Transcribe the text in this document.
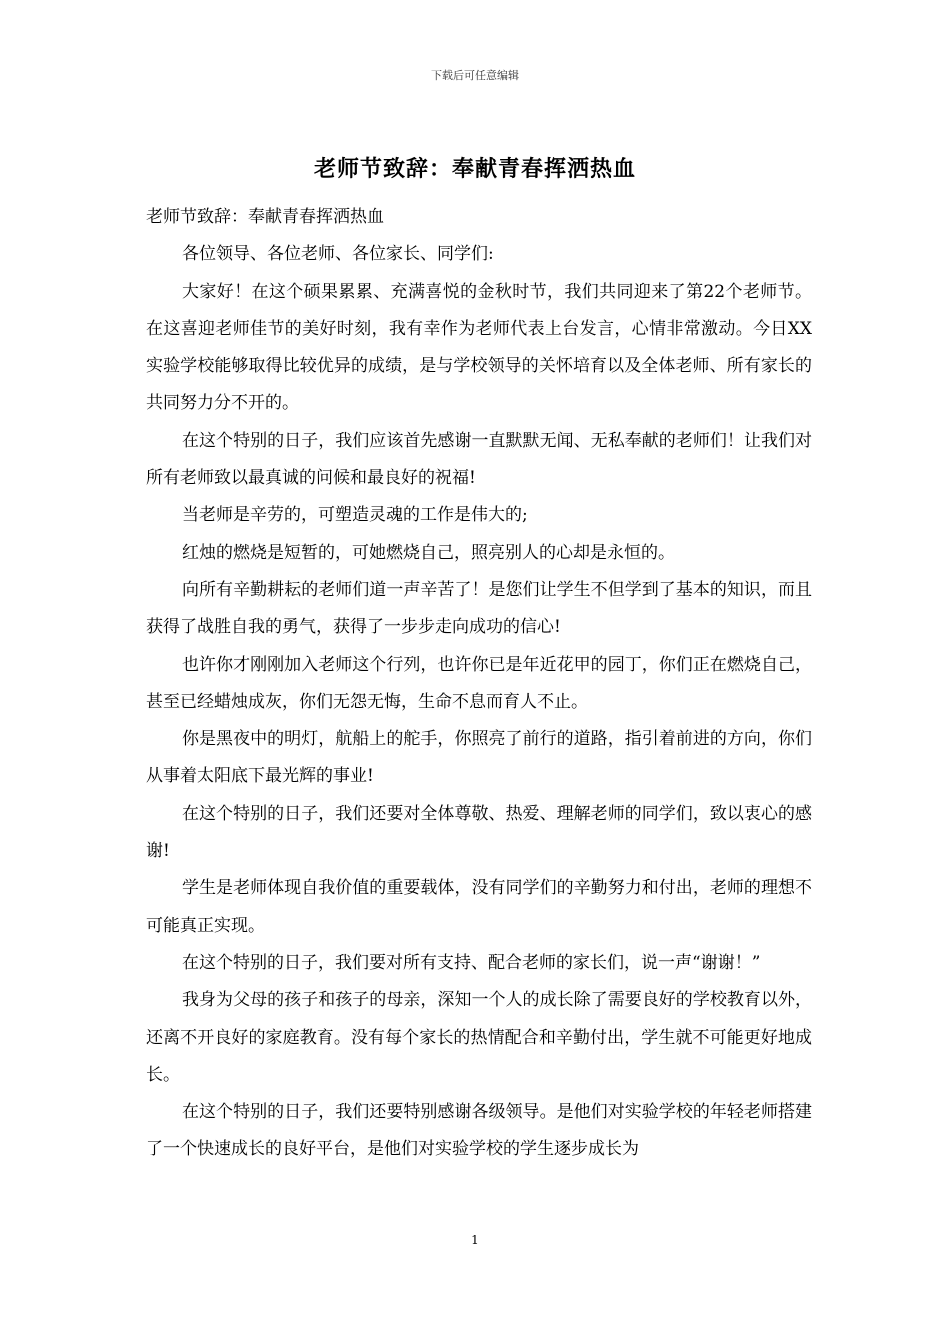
下载后可任意编辑
老师节致辞：奉献青春挥洒热血

老师节致辞：奉献青春挥洒热血

各位领导、各位老师、各位家长、同学们:

大家好！在这个硕果累累、充满喜悦的金秋时节，我们共同迎来了第22个老师节。在这喜迎老师佳节的美好时刻，我有幸作为老师代表上台发言，心情非常激动。今日XX实验学校能够取得比较优异的成绩，是与学校领导的关怀培育以及全体老师、所有家长的共同努力分不开的。

在这个特别的日子，我们应该首先感谢一直默默无闻、无私奉献的老师们！让我们对所有老师致以最真诚的问候和最良好的祝福!

当老师是辛劳的，可塑造灵魂的工作是伟大的;

红烛的燃烧是短暂的，可她燃烧自己，照亮别人的心却是永恒的。

向所有辛勤耕耘的老师们道一声辛苦了！是您们让学生不但学到了基本的知识，而且获得了战胜自我的勇气，获得了一步步走向成功的信心!

也许你才刚刚加入老师这个行列，也许你已是年近花甲的园丁，你们正在燃烧自己，甚至已经蜡烛成灰，你们无怨无悔，生命不息而育人不止。

你是黑夜中的明灯，航船上的舵手，你照亮了前行的道路，指引着前进的方向，你们从事着太阳底下最光辉的事业!

在这个特别的日子，我们还要对全体尊敬、热爱、理解老师的同学们，致以衷心的感谢!

学生是老师体现自我价值的重要载体，没有同学们的辛勤努力和付出，老师的理想不可能真正实现。

在这个特别的日子，我们要对所有支持、配合老师的家长们，说一声“谢谢！”

我身为父母的孩子和孩子的母亲，深知一个人的成长除了需要良好的学校教育以外，还离不开良好的家庭教育。没有每个家长的热情配合和辛勤付出，学生就不可能更好地成长。

在这个特别的日子，我们还要特别感谢各级领导。是他们对实验学校的年轻老师搭建了一个快速成长的良好平台，是他们对实验学校的学生逐步成长为

1
